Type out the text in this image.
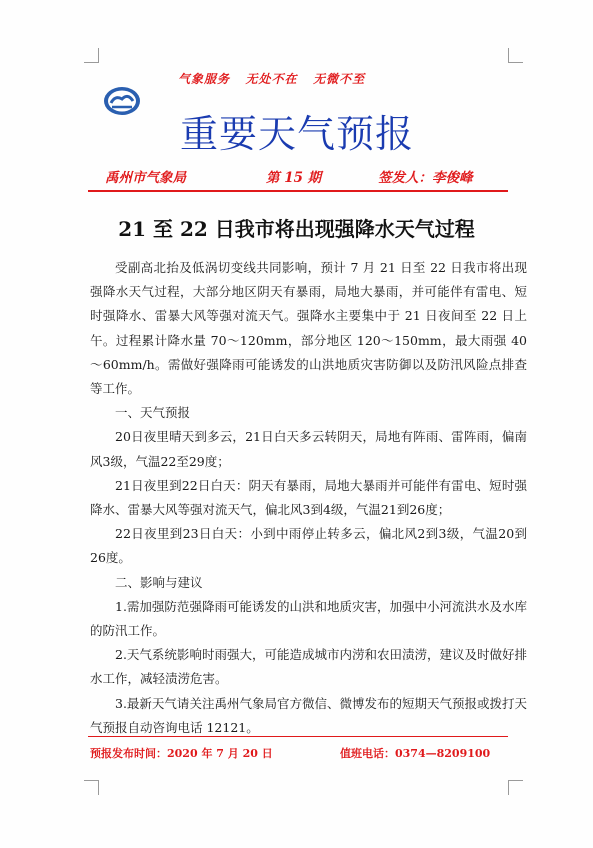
气象服务   无处不在   无微不至
重要天气预报
禹州市气象局	第 15 期	签发人：李俊峰
21 至 22 日我市将出现强降水天气过程

受副高北抬及低涡切变线共同影响，预计 7 月 21 日至 22 日我市将出现强降水天气过程，大部分地区阴天有暴雨，局地大暴雨，并可能伴有雷电、短时强降水、雷暴大风等强对流天气。强降水主要集中于 21 日夜间至 22 日上午。过程累计降水量 70～120mm，部分地区 120～150mm，最大雨强 40～60mm/h。需做好强降雨可能诱发的山洪地质灾害防御以及防汛风险点排查等工作。

一、天气预报

20日夜里晴天到多云，21日白天多云转阴天，局地有阵雨、雷阵雨，偏南风3级，气温22至29度；

21日夜里到22日白天：阴天有暴雨，局地大暴雨并可能伴有雷电、短时强降水、雷暴大风等强对流天气，偏北风3到4级，气温21到26度；

22日夜里到23日白天：小到中雨停止转多云，偏北风2到3级，气温20到26度。

二、影响与建议

1.需加强防范强降雨可能诱发的山洪和地质灾害，加强中小河流洪水及水库的防汛工作。

2.天气系统影响时雨强大，可能造成城市内涝和农田渍涝，建议及时做好排水工作，减轻渍涝危害。

3.最新天气请关注禹州气象局官方微信、微博发布的短期天气预报或拨打天气预报自动咨询电话 12121。

预报发布时间：2020 年 7 月 20 日	值班电话：0374—8209100
